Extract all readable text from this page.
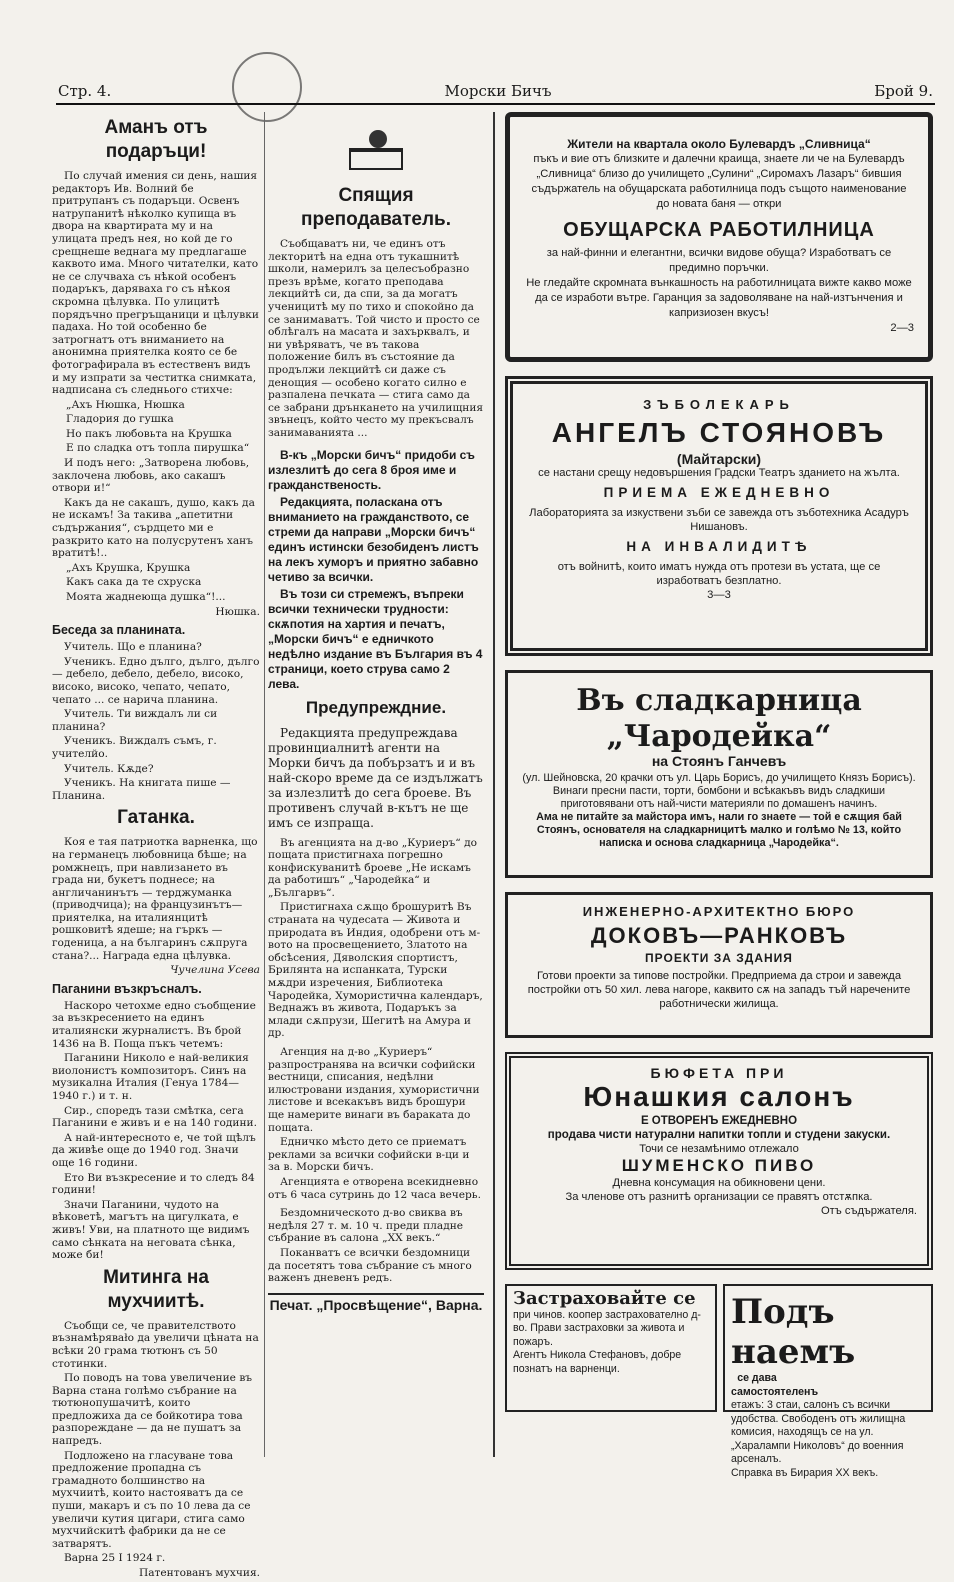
Стр. 4.	Морски Бичъ	Брой 9.
Аманъ отъ подаръци!

По случай имения си день, нашия редакторъ Ив. Волний бе притрупанъ съ подаръци. Освенъ натрупанитѣ нѣколко купища въ двора на квартирата му и на улицата предъ нея, но кой де го срещнеше веднага му предлагаше каквото има. Много читателки, като не се случваха съ нѣкой особенъ подаръкъ, даряваха го съ нѣкоя скромна цѣлувка. По улицитѣ порядъчно прегръщаници и цѣлувки падаха. Но той особенно бе затрогнатъ отъ вниманието на анонимна приятелка която се бе фотографирала въ естественъ видъ и му изпрати за честитка снимката, надписана съ следнього стихче:

„Ахъ Нюшка, Нюшка

Гладория до гушка

Но пакъ любовьта на Крушка

Е по сладка отъ топла пирушка“

И подъ него: „Затворена любовь, заклочена любовь, ако сакашъ отвори и!“

Какъ да не сакашъ, душо, какъ да не искамъ! За такива „апетитни съдържания“, сърдцето ми е разкрито като на полусрутенъ ханъ вратитѣ!..

„Ахъ Крушка, Крушка

Какъ сака да те схруска

Моята жаднеюща душка“!...

Нюшка.

Беседа за планината.

Учитель. Що е планина?

Ученикъ. Едно дълго, дълго, дълго — дебело, дебело, дебело, високо, високо, високо, чепато, чепато, чепато ... се нарича планина.

Учитель. Ти виждалъ ли си планина?

Ученикъ. Виждалъ съмъ, г. учителйо.

Учитель. Кѫде?

Ученикъ. На книгата пише — Планина.

Гатанка.

Коя е тая патриотка варненка, що на германецъ любовница бѣше; на ромжнецъ, при навлизането въ града ни, букетъ поднесе; на англичанинътъ — терджуманка (приводчица); на французинътъ—приятелка, на италиянцитѣ рошковитѣ ядеше; на гъркъ —годеница, а на българинъ сѫпруга стана?... Награда една цѣлувка.

Чучелина Усева

Паганини възкръсналъ.

Наскоро четохме едно съобщение за възкресението на единъ италиянски журналистъ. Въ брой 1436 на В. Поща пъкъ четемъ:

Паганини Николо е най-великия виолонистъ композиторъ. Синъ на музикална Италия (Генуа 1784—1940 г.) и т. н.

Сир., споредъ тази смѣтка, сега Паганини е живъ и е на 140 години.

А най-интересното е, че той щѣлъ да живѣе още до 1940 год. Значи още 16 години.

Ето Ви възкресение и то следъ 84 години!

Значи Паганини, чудото на вѣковетѣ, магътъ на цигулката, е живъ! Уви, на платното ще видимъ само сѣнката на неговата сѣнка, може би!

Митинга на мухчиитѣ.

Съобщи се, че правителството възнамѣряваło да увеличи цѣната на всѣки 20 грама тютюнъ съ 50 стотинки.

По поводъ на това увеличение въ Варна стана голѣмо събрание на тютюнопушачитѣ, които предложиха да се бойкотира това разпореждане — да не пушатъ за напредъ.

Подложено на гласуване това предложение пропадна съ грамадното болшинство на мухчиитѣ, които настояватъ да се пуши, макаръ и съ по 10 лева да се увеличи кутия цигари, стига само мухчийскитѣ фабрики да не се затварятъ.

Варна 25 I 1924 г.

Патентованъ мухчия.

Спящия преподаватель.

Съобщаватъ ни, че единъ отъ лекторитѣ на една отъ тукашнитѣ школи, намерилъ за целесъобразно презъ врѣме, когато преподава лекцийтѣ си, да спи, за да могатъ ученицитѣ му по тихо и спокойно да се занимаватъ. Той чисто и просто се облѣгалъ на масата и захърквалъ, и ни увѣряватъ, че въ такова положение билъ въ състояние да продължи лекцийтѣ си даже съ денощия — особено когато силно е разпалена печката — стига само да се забрани дрънкането на училищния звънецъ, който често му прекъсвалъ занимаванията ...

В-къ „Морски бичъ“ придоби съ излезлитѣ до сега 8 броя име и гражданственость.

Редакцията, поласкана отъ вниманието на гражданството, се стреми да направи „Морски бичъ“ единъ истински безобиденъ листъ на лекъ хуморъ и приятно забавно четиво за всички.

Въ този си стремежъ, въпреки всички технически трудности: скѫпотия на хартия и печатъ, „Морски бичъ“ е едничкото недѣлно издание въ България въ 4 страници, което струва само 2 лева.

Предупреждние.

Редакцията предупреждава провинциалнитѣ агенти на Морки бичъ да побързатъ и и въ най-скоро време да се издължатъ за излезлитѣ до сега броеве. Въ противенъ случай в-кътъ не ще имъ се изпраща.

Въ агенцията на д-во „Куриеръ“ до пощата пристигнаха погрешно конфискуванитѣ броеве „Не искамъ да работишъ“ „Чародейка“ и „Българвъ“.

Пристигнаха сѫщо брошуритѣ Въ страната на чудесата — Живота и природата въ Индия, одобрени отъ м-вото на просвещението, Златото на обсѣсения, Дяволския спортистъ, Брилянта на испанката, Турски мѫдри изречения, Библиотека Чародейка, Хумористична календаръ, Веднажъ въ живота, Подаръкъ за млади сѫпрузи, Шегитѣ на Амура и др.

Агенция на д-во „Куриеръ“ разпространява на всички софийски вестници, списания, недѣлни илюстровани издания, хумористични листове и всекакъвъ видъ брошури ще намерите винаги въ бараката до пощата.

Едничко мѣсто дето се приематъ реклами за всички софийски в-ци и за в. Морски бичъ.

Агенцията е отворена всекидневно отъ 6 часа сутринь до 12 часа вечерь.

Бездомническото д-во свиква въ недѣля 27 т. м. 10 ч. преди пладне събрание въ салона „XX векъ.“

Поканватъ се всички бездомници да посетятъ това събрание съ много важенъ дневенъ редъ.

Печат. „Просвѣщение“, Варна.
Жители на квартала около Булевардъ „Сливница“
пъкъ и вие отъ близките и далечни краища, знаете ли че на Булевардъ „Сливница“ близо до училището „Сулини“ „Сиромахъ Лазаръ“ бившия съдържатель на обущарската работилница подъ същото наименование до новата баня — откри
ОБУЩАРСКА РАБОТИЛНИЦА
за най-финни и елегантни, всички видове обуща? Изработватъ се предимно поръчки.
Не гледайте скромната вънкашность на работилницата вижте какво може да се изработи вътре. Гаранция за задоволяване на най-изтънчения и капризиозен вкусъ!
2—3
ЗЪБОЛЕКАРЬ
АНГЕЛЪ СТОЯНОВЪ
(Майтарски)
се настани срещу недовършения Градски Театръ зданието на жълта.
ПРИЕМА ЕЖЕДНЕВНО
Лабораторията за изкуствени зъби се завежда отъ зъботехника Асадуръ Нишановъ.
НА ИНВАЛИДИТѢ
отъ войнитѣ, които иматъ нужда отъ протези въ устата, ще се изработватъ безплатно.
3—3
Въ сладкарница „Чародейка“
на Стоянъ Ганчевъ
(ул. Шейновска, 20 крачки отъ ул. Царь Борисъ, до училището Князъ Борисъ).
Винаги пресни пасти, торти, бомбони и всѣкакъвъ видъ сладкиши приготовявани отъ най-чисти материяли по домашенъ начинъ.
Ама не питайте за майстора имъ, нали го знаете — той е сѫщия бай Стоянъ, основателя на сладкарницитѣ малко и голѣмо № 13, който написка и основа сладкарница „Чародейка“.
ИНЖЕНЕРНО-АРХИТЕКТНО БЮРО
ДОКОВЪ—РАНКОВЪ
ПРОЕКТИ ЗА ЗДАНИЯ
Готови проекти за типове постройки. Предприема да строи и завежда постройки отъ 50 хил. лева нагоре, каквито сѫ на западъ тъй наречените работнически жилища.
БЮФЕТА ПРИ
Юнашкия салонъ
Е ОТВОРЕНЪ ЕЖЕДНЕВНО
продава чисти натурални напитки топли и студени закуски.
Точи се незамѣнимо отлежало
ШУМЕНСКО ПИВО
Дневна консумация на обикновени цени.
За членове отъ разнитѣ организации се правятъ отстѫпка.
Отъ съдържателя.
Застраховайте се при чинов. коопер застрахователно д-во. Прави застраховки за живота и пожаръ.
Агентъ Никола Стефановъ, добре познатъ на варненци.
Подъ наемъ се дава самостоятеленъ
етажъ: 3 стаи, салонъ съ всички удобства. Свободенъ отъ жилищна комисия, находящъ се на ул. „Харалампи Николовъ“ до военния арсеналъ.
Справка въ Бирария XX векъ.
